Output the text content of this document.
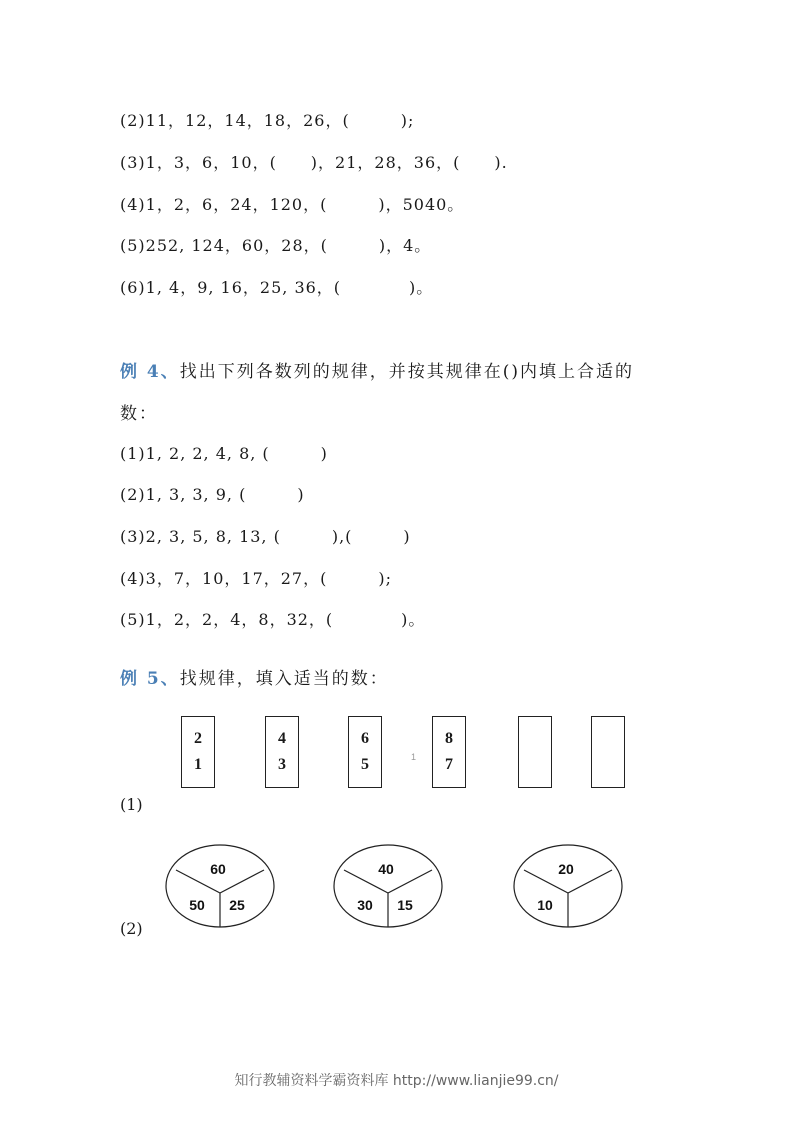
(2)11，12，14，18，26，(　　　);
(3)1，3，6，10，(　　)，21，28，36，(　　).
(4)1，2，6，24，120，(　　　)，5040。
(5)252, 124，60，28，(　　　)，4。
(6)1, 4，9, 16，25, 36，(　　　　)。
例 4、找出下列各数列的规律，并按其规律在()内填上合适的
数：
(1)1, 2, 2, 4, 8, (　　　)
(2)1, 3, 3, 9, (　　　)
(3)2, 3, 5, 8, 13, (　　　),(　　　)
(4)3，7，10，17，27，(　　　);
(5)1，2，2，4，8，32，(　　　　)。
例 5、找规律，填入适当的数：
2
1
4
3
6
5	1
8
7
(1)
60
50 25
40
30 15
20
10
(2)
知行教辅资料学霸资料库 http://www.lianjie99.cn/
